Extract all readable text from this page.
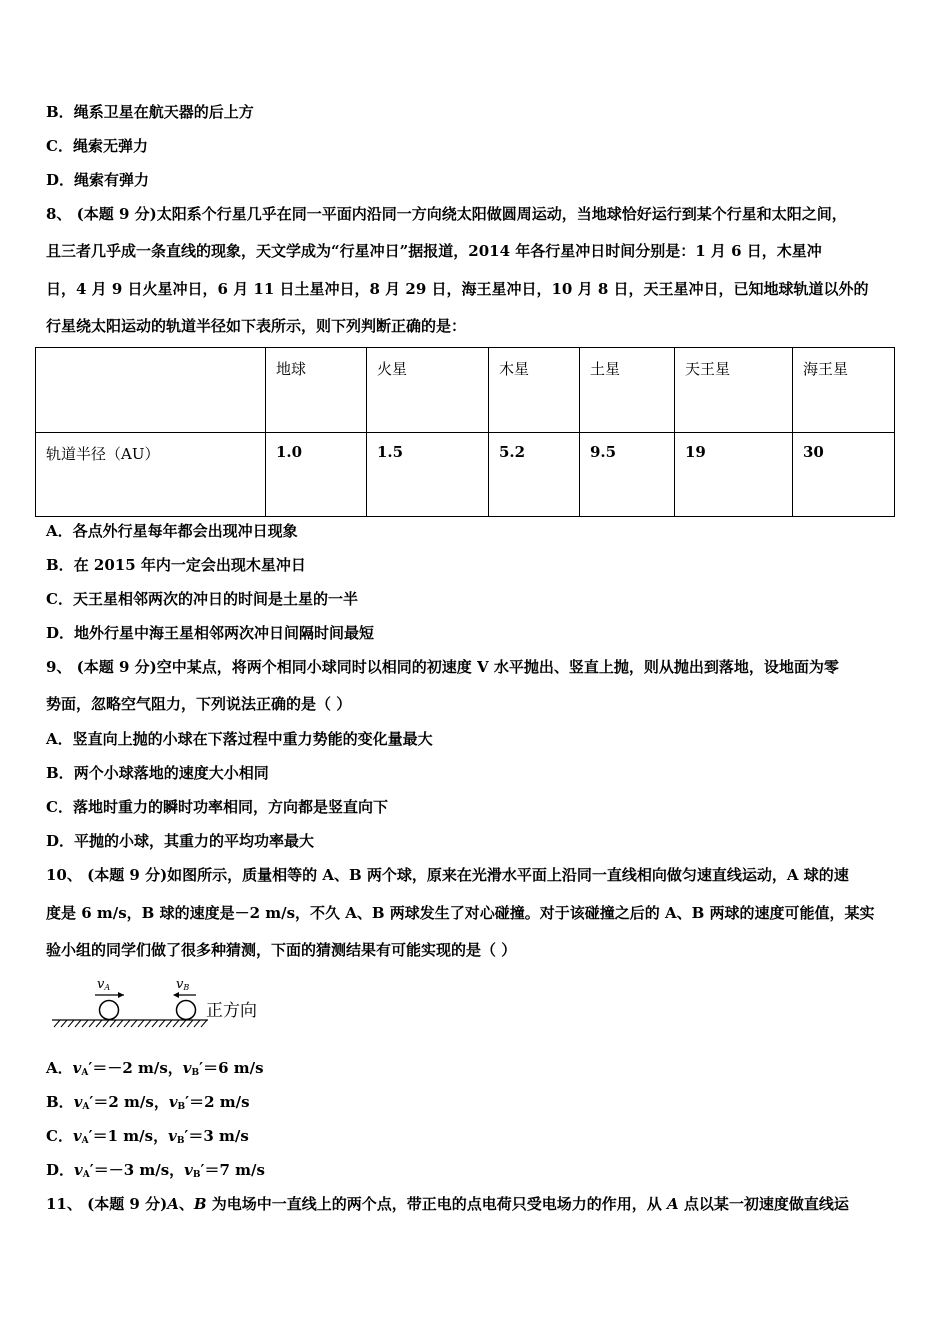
B．绳系卫星在航天器的后上方
C．绳索无弹力
D．绳索有弹力
8、 (本题 9 分)太阳系个行星几乎在同一平面内沿同一方向绕太阳做圆周运动，当地球恰好运行到某个行星和太阳之间，
且三者几乎成一条直线的现象，天文学成为“行星冲日”据报道，2014 年各行星冲日时间分别是：1 月 6 日，木星冲
日，4 月 9 日火星冲日，6 月 11 日土星冲日，8 月 29 日，海王星冲日，10 月 8 日，天王星冲日，已知地球轨道以外的
行星绕太阳运动的轨道半径如下表所示，则下列判断正确的是：
	地球	火星	木星	土星	天王星	海王星
轨道半径（AU）	1.0	1.5	5.2	9.5	19	30
A．各点外行星每年都会出现冲日现象
B．在 2015 年内一定会出现木星冲日
C．天王星相邻两次的冲日的时间是土星的一半
D．地外行星中海王星相邻两次冲日间隔时间最短
9、 (本题 9 分)空中某点，将两个相同小球同时以相同的初速度 V 水平抛出、竖直上抛，则从抛出到落地，设地面为零
势面，忽略空气阻力，下列说法正确的是（ ）
A．竖直向上抛的小球在下落过程中重力势能的变化量最大
B．两个小球落地的速度大小相同
C．落地时重力的瞬时功率相同，方向都是竖直向下
D．平抛的小球，其重力的平均功率最大
10、 (本题 9 分)如图所示，质量相等的 A、B 两个球，原来在光滑水平面上沿同一直线相向做匀速直线运动，A 球的速
度是 6 m/s，B 球的速度是－2 m/s，不久 A、B 两球发生了对心碰撞。对于该碰撞之后的 A、B 两球的速度可能值，某实
验小组的同学们做了很多种猜测，下面的猜测结果有可能实现的是（ ）
vA	vB
正方向
A．$v_A'=-2$ m/s，$v_B'=6$ m/s
B．$v_A'=2$ m/s，$v_B'=2$ m/s
C．$v_A'=1$ m/s，$v_B'=3$ m/s
D．$v_A'=-3$ m/s，$v_B'=7$ m/s
11、 (本题 9 分)A、B 为电场中一直线上的两个点，带正电的点电荷只受电场力的作用，从 A 点以某一初速度做直线运
